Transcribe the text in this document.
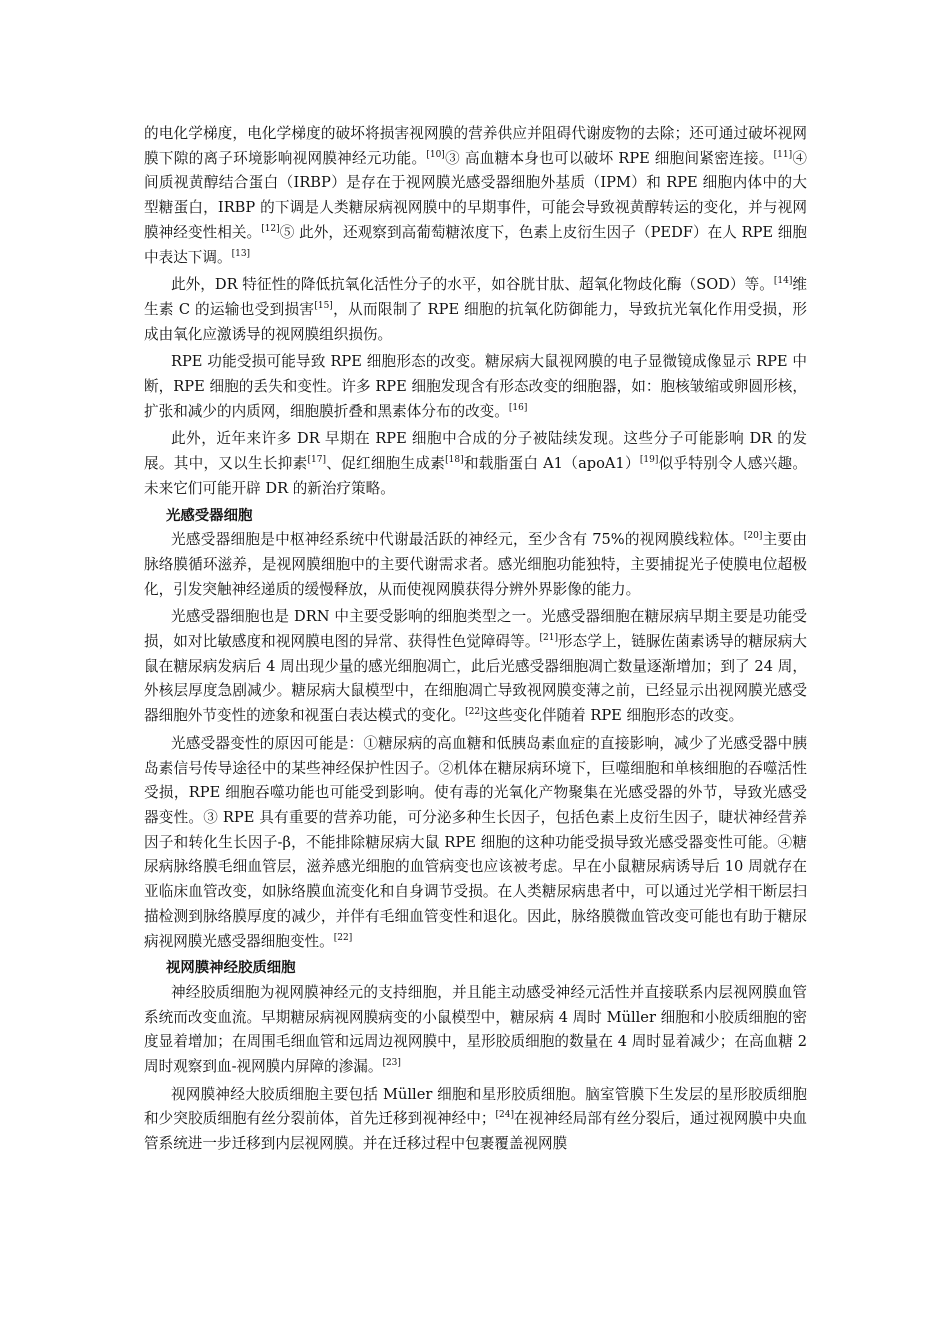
的电化学梯度，电化学梯度的破坏将损害视网膜的营养供应并阻碍代谢废物的去除；还可通过破坏视网膜下隙的离子环境影响视网膜神经元功能。[10]③ 高血糖本身也可以破坏 RPE 细胞间紧密连接。[11]④ 间质视黄醇结合蛋白（IRBP）是存在于视网膜光感受器细胞外基质（IPM）和 RPE 细胞内体中的大型糖蛋白，IRBP 的下调是人类糖尿病视网膜中的早期事件，可能会导致视黄醇转运的变化，并与视网膜神经变性相关。[12]⑤ 此外，还观察到高葡萄糖浓度下，色素上皮衍生因子（PEDF）在人 RPE 细胞中表达下调。[13]

此外，DR 特征性的降低抗氧化活性分子的水平，如谷胱甘肽、超氧化物歧化酶（SOD）等。[14]维生素 C 的运输也受到损害[15]，从而限制了 RPE 细胞的抗氧化防御能力，导致抗光氧化作用受损，形成由氧化应激诱导的视网膜组织损伤。

RPE 功能受损可能导致 RPE 细胞形态的改变。糖尿病大鼠视网膜的电子显微镜成像显示 RPE 中断，RPE 细胞的丢失和变性。许多 RPE 细胞发现含有形态改变的细胞器，如：胞核皱缩或卵圆形核，扩张和减少的内质网，细胞膜折叠和黑素体分布的改变。[16]

此外，近年来许多 DR 早期在 RPE 细胞中合成的分子被陆续发现。这些分子可能影响 DR 的发展。其中，又以生长抑素[17]、促红细胞生成素[18]和载脂蛋白 A1（apoA1）[19]似乎特别令人感兴趣。未来它们可能开辟 DR 的新治疗策略。

光感受器细胞

光感受器细胞是中枢神经系统中代谢最活跃的神经元，至少含有 75%的视网膜线粒体。[20]主要由脉络膜循环滋养，是视网膜细胞中的主要代谢需求者。感光细胞功能独特，主要捕捉光子使膜电位超极化，引发突触神经递质的缓慢释放，从而使视网膜获得分辨外界影像的能力。

光感受器细胞也是 DRN 中主要受影响的细胞类型之一。光感受器细胞在糖尿病早期主要是功能受损，如对比敏感度和视网膜电图的异常、获得性色觉障碍等。[21]形态学上，链脲佐菌素诱导的糖尿病大鼠在糖尿病发病后 4 周出现少量的感光细胞凋亡，此后光感受器细胞凋亡数量逐渐增加；到了 24 周，外核层厚度急剧减少。糖尿病大鼠模型中，在细胞凋亡导致视网膜变薄之前，已经显示出视网膜光感受器细胞外节变性的迹象和视蛋白表达模式的变化。[22]这些变化伴随着 RPE 细胞形态的改变。

光感受器变性的原因可能是：①糖尿病的高血糖和低胰岛素血症的直接影响，减少了光感受器中胰岛素信号传导途径中的某些神经保护性因子。②机体在糖尿病环境下，巨噬细胞和单核细胞的吞噬活性受损，RPE 细胞吞噬功能也可能受到影响。使有毒的光氧化产物聚集在光感受器的外节，导致光感受器变性。③ RPE 具有重要的营养功能，可分泌多种生长因子，包括色素上皮衍生因子，睫状神经营养因子和转化生长因子-β，不能排除糖尿病大鼠 RPE 细胞的这种功能受损导致光感受器变性可能。④糖尿病脉络膜毛细血管层，滋养感光细胞的血管病变也应该被考虑。早在小鼠糖尿病诱导后 10 周就存在亚临床血管改变，如脉络膜血流变化和自身调节受损。在人类糖尿病患者中，可以通过光学相干断层扫描检测到脉络膜厚度的减少，并伴有毛细血管变性和退化。因此，脉络膜微血管改变可能也有助于糖尿病视网膜光感受器细胞变性。[22]

视网膜神经胶质细胞

神经胶质细胞为视网膜神经元的支持细胞，并且能主动感受神经元活性并直接联系内层视网膜血管系统而改变血流。早期糖尿病视网膜病变的小鼠模型中，糖尿病 4 周时 Müller 细胞和小胶质细胞的密度显着增加；在周围毛细血管和远周边视网膜中，星形胶质细胞的数量在 4 周时显着减少；在高血糖 2 周时观察到血-视网膜内屏障的渗漏。[23]

视网膜神经大胶质细胞主要包括 Müller 细胞和星形胶质细胞。脑室管膜下生发层的星形胶质细胞和少突胶质细胞有丝分裂前体，首先迁移到视神经中；[24]在视神经局部有丝分裂后，通过视网膜中央血管系统进一步迁移到内层视网膜。并在迁移过程中包裹覆盖视网膜
